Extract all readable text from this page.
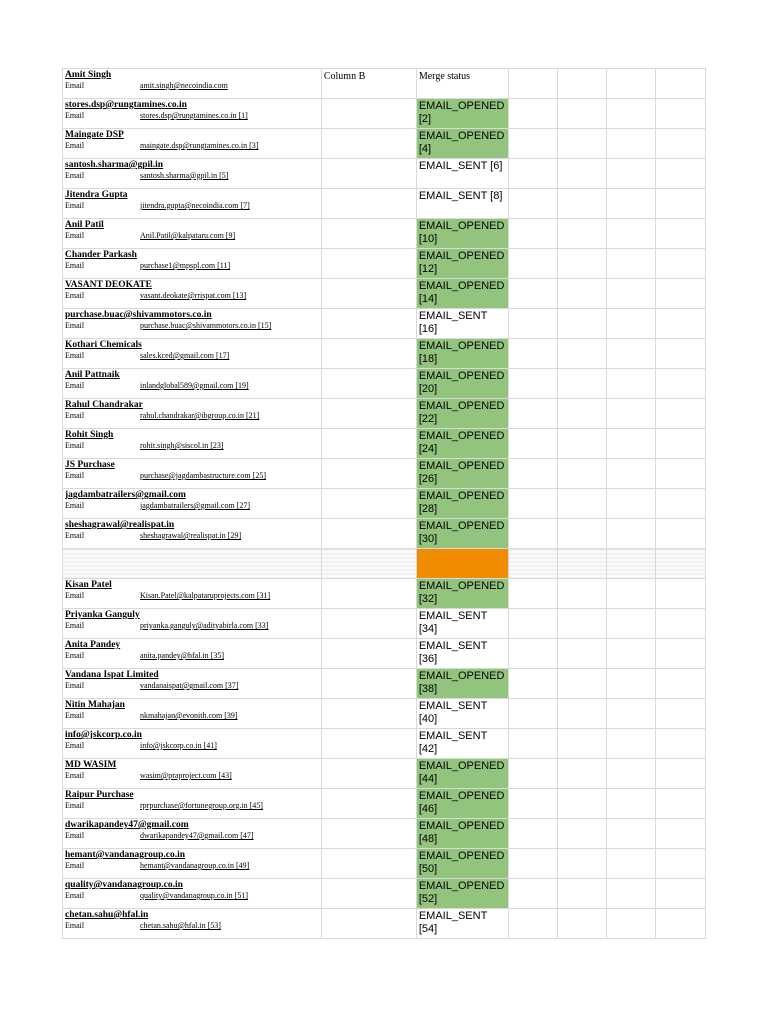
Amit Singh
Email amit.singh@necoindia.com	Column B	Merge status				

stores.dsp@rungtamines.co.in
Email stores.dsp@rungtamines.co.in [1]		EMAIL_OPENED [2]				

Maingate DSP
Email maingate.dsp@rungtamines.co.in [3]		EMAIL_OPENED [4]				

santosh.sharma@gpil.in
Email santosh.sharma@gpil.in [5]		EMAIL_SENT [6]				

Jitendra Gupta
Email jitendra.gupta@necoindia.com [7]		EMAIL_SENT [8]				

Anil Patil
Email Anil.Patil@kalpataru.com [9]		EMAIL_OPENED [10]				

Chander Parkash
Email purchase1@mpspl.com [11]		EMAIL_OPENED [12]				

VASANT DEOKATE
Email vasant.deokate@rrispat.com [13]		EMAIL_OPENED [14]				

purchase.buac@shivammotors.co.in
Email purchase.buac@shivammotors.co.in [15]		EMAIL_SENT [16]				

Kothari Chemicals
Email sales.kced@gmail.com [17]		EMAIL_OPENED [18]				

Anil Pattnaik
Email inlandglobal589@gmail.com [19]		EMAIL_OPENED [20]				

Rahul Chandrakar
Email rahul.chandrakar@ibgroup.co.in [21]		EMAIL_OPENED [22]				

Rohit Singh
Email rohit.singh@siscol.in [23]		EMAIL_OPENED [24]				

JS Purchase
Email purchase@jagdambastructure.com [25]		EMAIL_OPENED [26]				

jagdambatrailers@gmail.com
Email jagdambatrailers@gmail.com [27]		EMAIL_OPENED [28]				

sheshagrawal@realispat.in
Email sheshagrawal@realispat.in [29]		EMAIL_OPENED [30]				

Kisan Patel
Email Kisan.Patel@kalpataruprojects.com [31]		EMAIL_OPENED [32]				

Priyanka Ganguly
Email priyanka.ganguly@adityabirla.com [33]		EMAIL_SENT [34]				

Anita Pandey
Email anita.pandey@hfal.in [35]		EMAIL_SENT [36]				

Vandana Ispat Limited
Email vandanaispat@gmail.com [37]		EMAIL_OPENED [38]				

Nitin Mahajan
Email nkmahajan@evonith.com [39]		EMAIL_SENT [40]				

info@jskcorp.co.in
Email info@jskcorp.co.in [41]		EMAIL_SENT [42]				

MD WASIM
Email wasim@praproject.com [43]		EMAIL_OPENED [44]				

Raipur Purchase
Email rprpurchase@fortunegroup.org.in [45]		EMAIL_OPENED [46]				

dwarikapandey47@gmail.com
Email dwarikapandey47@gmail.com [47]		EMAIL_OPENED [48]				

hemant@vandanagroup.co.in
Email hemant@vandanagroup.co.in [49]		EMAIL_OPENED [50]				

quality@vandanagroup.co.in
Email quality@vandanagroup.co.in [51]		EMAIL_OPENED [52]				

chetan.sahu@hfal.in
Email chetan.sahu@hfal.in [53]		EMAIL_SENT [54]				
